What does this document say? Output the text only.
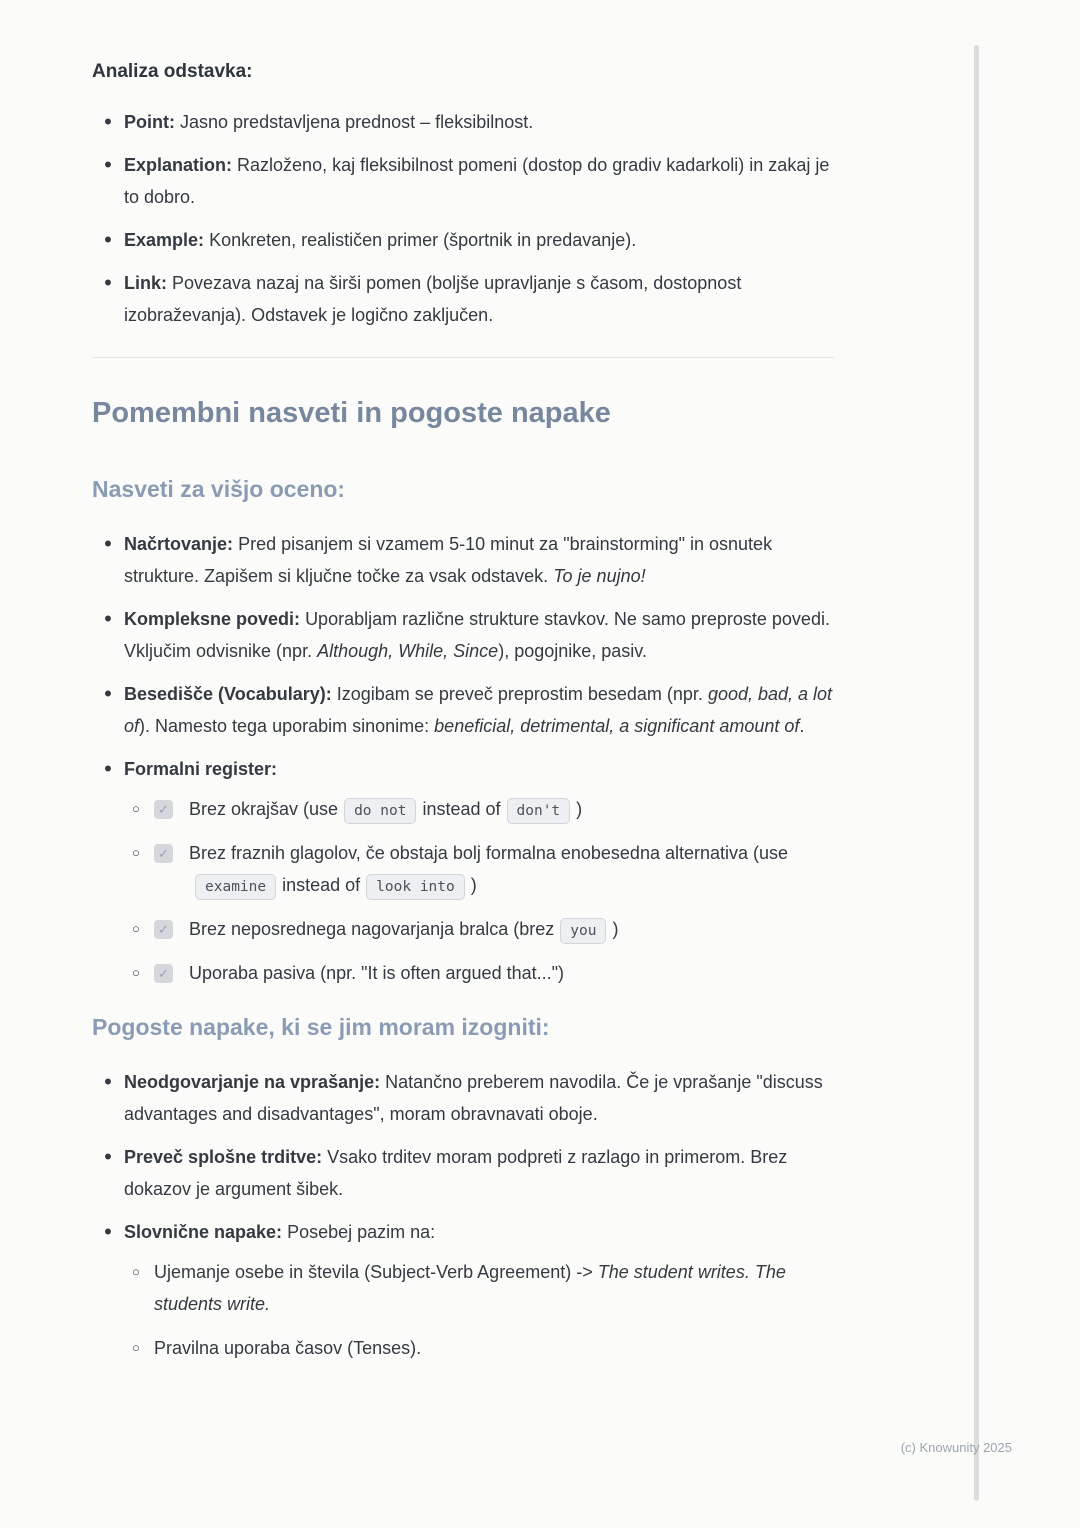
Analiza odstavka:
• Point: Jasno predstavljena prednost – fleksibilnost.
• Explanation: Razloženo, kaj fleksibilnost pomeni (dostop do gradiv kadarkoli) in zakaj je to dobro.
• Example: Konkreten, realističen primer (športnik in predavanje).
• Link: Povezava nazaj na širši pomen (boljše upravljanje s časom, dostopnost izobraževanja). Odstavek je logično zaključen.
Pomembni nasveti in pogoste napake
Nasveti za višjo oceno:
• Načrtovanje: Pred pisanjem si vzamem 5-10 minut za "brainstorming" in osnutek strukture. Zapišem si ključne točke za vsak odstavek. To je nujno!
• Kompleksne povedi: Uporabljam različne strukture stavkov. Ne samo preproste povedi. Vključim odvisnike (npr. Although, While, Since), pogojnike, pasiv.
• Besedišče (Vocabulary): Izogibam se preveč preprostim besedam (npr. good, bad, a lot of). Namesto tega uporabim sinonime: beneficial, detrimental, a significant amount of.
• Formalni register:
○	✓ Brez okrajšav (use do not instead of don't )
○	✓ Brez fraznih glagolov, če obstaja bolj formalna enobesedna alternativa (useexamine instead of look into )
○	✓ Brez neposrednega nagovarjanja bralca (brez you )
○	✓ Uporaba pasiva (npr. "It is often argued that...")
Pogoste napake, ki se jim moram izogniti:
• Neodgovarjanje na vprašanje: Natančno preberem navodila. Če je vprašanje "discuss advantages and disadvantages", moram obravnavati oboje.
• Preveč splošne trditve: Vsako trditev moram podpreti z razlago in primerom. Brez dokazov je argument šibek.
• Slovnične napake: Posebej pazim na:
○ Ujemanje osebe in števila (Subject-Verb Agreement) -> The student writes. The students write.
○ Pravilna uporaba časov (Tenses).
(c) Knowunity 2025
